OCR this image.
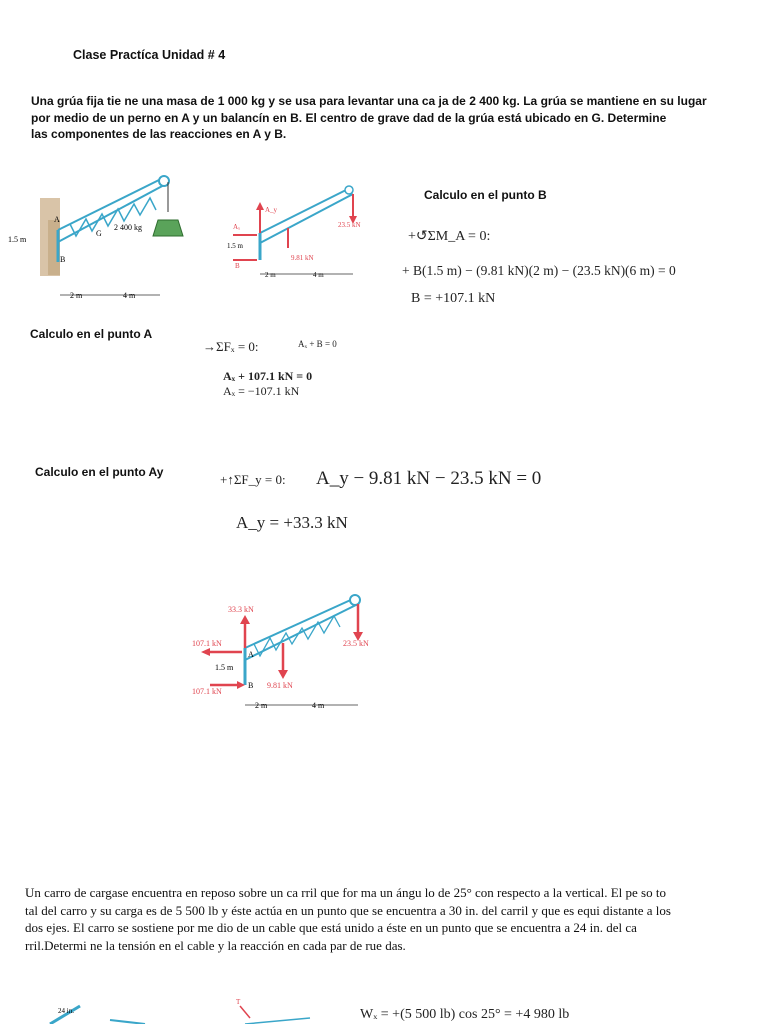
Clase Practíca Unidad # 4
Una grúa fija tie ne una masa de 1 000 kg y se usa para levantar una ca ja de 2 400 kg. La grúa se mantiene en su lugar
por medio de un perno en A y un balancín en B. El centro de grave dad de la grúa está ubicado en G. Determine
las componentes de las reacciones en A y B.
2 400 kg
A
B
G
1.5 m
2 m	4 m
23.5 kN
A_y
Aₓ
B
9.81 kN
1.5 m
2 m	4 m
Calculo en el punto B
+↺ΣM_A = 0:
+ B(1.5 m) − (9.81 kN)(2 m) − (23.5 kN)(6 m) = 0
B = +107.1 kN
Calculo en el punto A
→ΣFₓ = 0:	Aₓ + B = 0
Aₓ + 107.1 kN = 0
Aₓ = −107.1 kN
Calculo en el punto Ay	+↑ΣF_y = 0: A_y − 9.81 kN − 23.5 kN = 0
A_y = +33.3 kN
23.5 kN
33.3 kN
107.1 kN
107.1 kN
9.81 kN
A
B
1.5 m
2 m	4 m
Un carro de cargase encuentra en reposo sobre un ca rril que for ma un ángu lo de 25° con respecto a la vertical. El pe so to
tal del carro y su carga es de 5 500 lb y éste actúa en un punto que se encuentra a 30 in. del carril y que es equi distante a los
dos ejes. El carro se sostiene por me dio de un cable que está unido a éste en un punto que se encuentra a 24 in. del ca
rril.Determi ne la tensión en el cable y la reacción en cada par de rue das.
24 in.
T
Wₓ = +(5 500 lb) cos 25° = +4 980 lb
